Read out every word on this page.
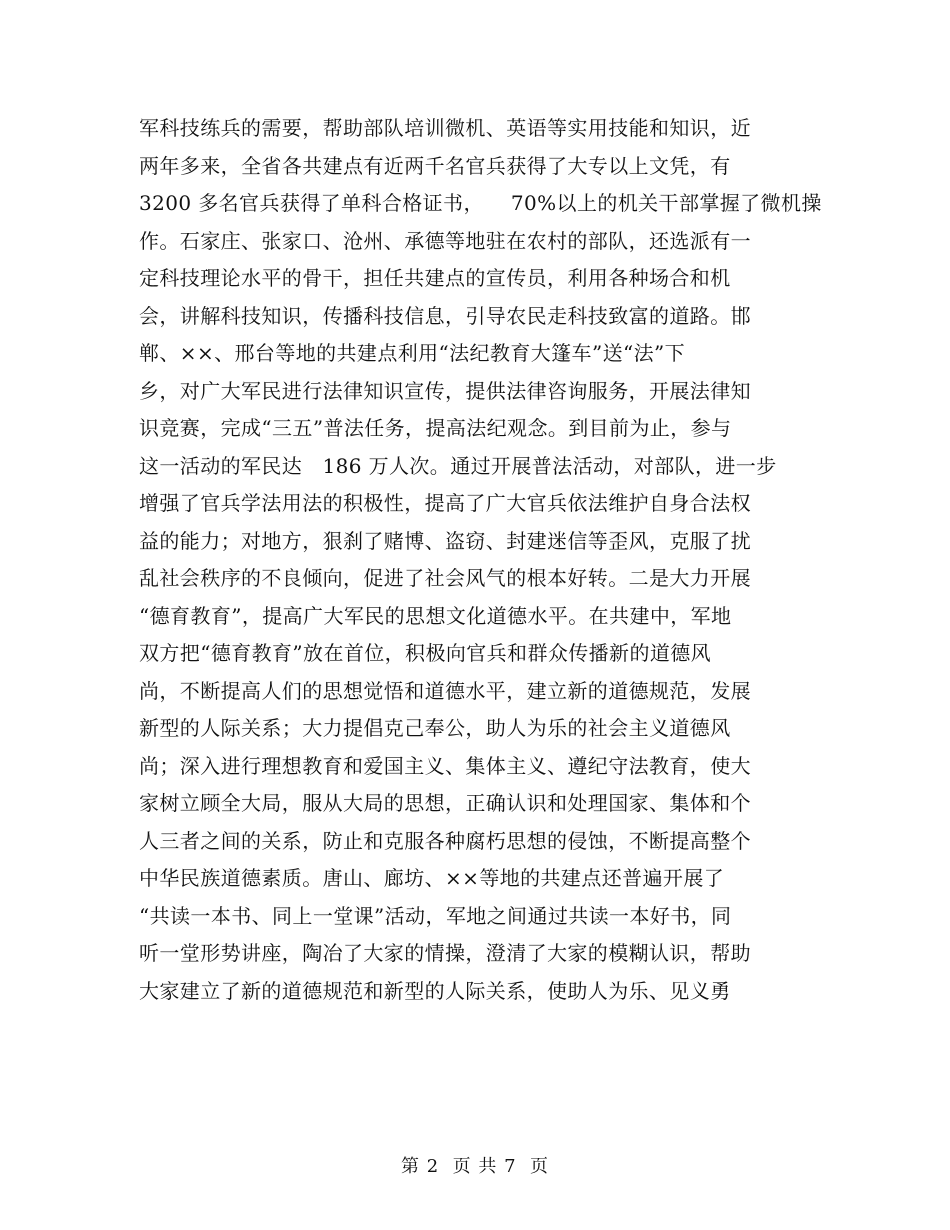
军科技练兵的需要，帮助部队培训微机、英语等实用技能和知识，近
两年多来，全省各共建点有近两千名官兵获得了大专以上文凭，有
3200 多名官兵获得了单科合格证书，    70%以上的机关干部掌握了微机操
作。石家庄、张家口、沧州、承德等地驻在农村的部队，还选派有一
定科技理论水平的骨干，担任共建点的宣传员，利用各种场合和机
会，讲解科技知识，传播科技信息，引导农民走科技致富的道路。邯
郸、××、邢台等地的共建点利用“法纪教育大篷车”送“法”下
乡，对广大军民进行法律知识宣传，提供法律咨询服务，开展法律知
识竞赛，完成“三五”普法任务，提高法纪观念。到目前为止，参与
这一活动的军民达   186 万人次。通过开展普法活动，对部队，进一步
增强了官兵学法用法的积极性，提高了广大官兵依法维护自身合法权
益的能力；对地方，狠刹了赌博、盗窃、封建迷信等歪风，克服了扰
乱社会秩序的不良倾向，促进了社会风气的根本好转。二是大力开展
“德育教育”，提高广大军民的思想文化道德水平。在共建中，军地
双方把“德育教育”放在首位，积极向官兵和群众传播新的道德风
尚，不断提高人们的思想觉悟和道德水平，建立新的道德规范，发展
新型的人际关系；大力提倡克己奉公，助人为乐的社会主义道德风
尚；深入进行理想教育和爱国主义、集体主义、遵纪守法教育，使大
家树立顾全大局，服从大局的思想，正确认识和处理国家、集体和个
人三者之间的关系，防止和克服各种腐朽思想的侵蚀，不断提高整个
中华民族道德素质。唐山、廊坊、××等地的共建点还普遍开展了
“共读一本书、同上一堂课”活动，军地之间通过共读一本好书，同
听一堂形势讲座，陶冶了大家的情操，澄清了大家的模糊认识，帮助
大家建立了新的道德规范和新型的人际关系，使助人为乐、见义勇
第 2  页 共 7  页
